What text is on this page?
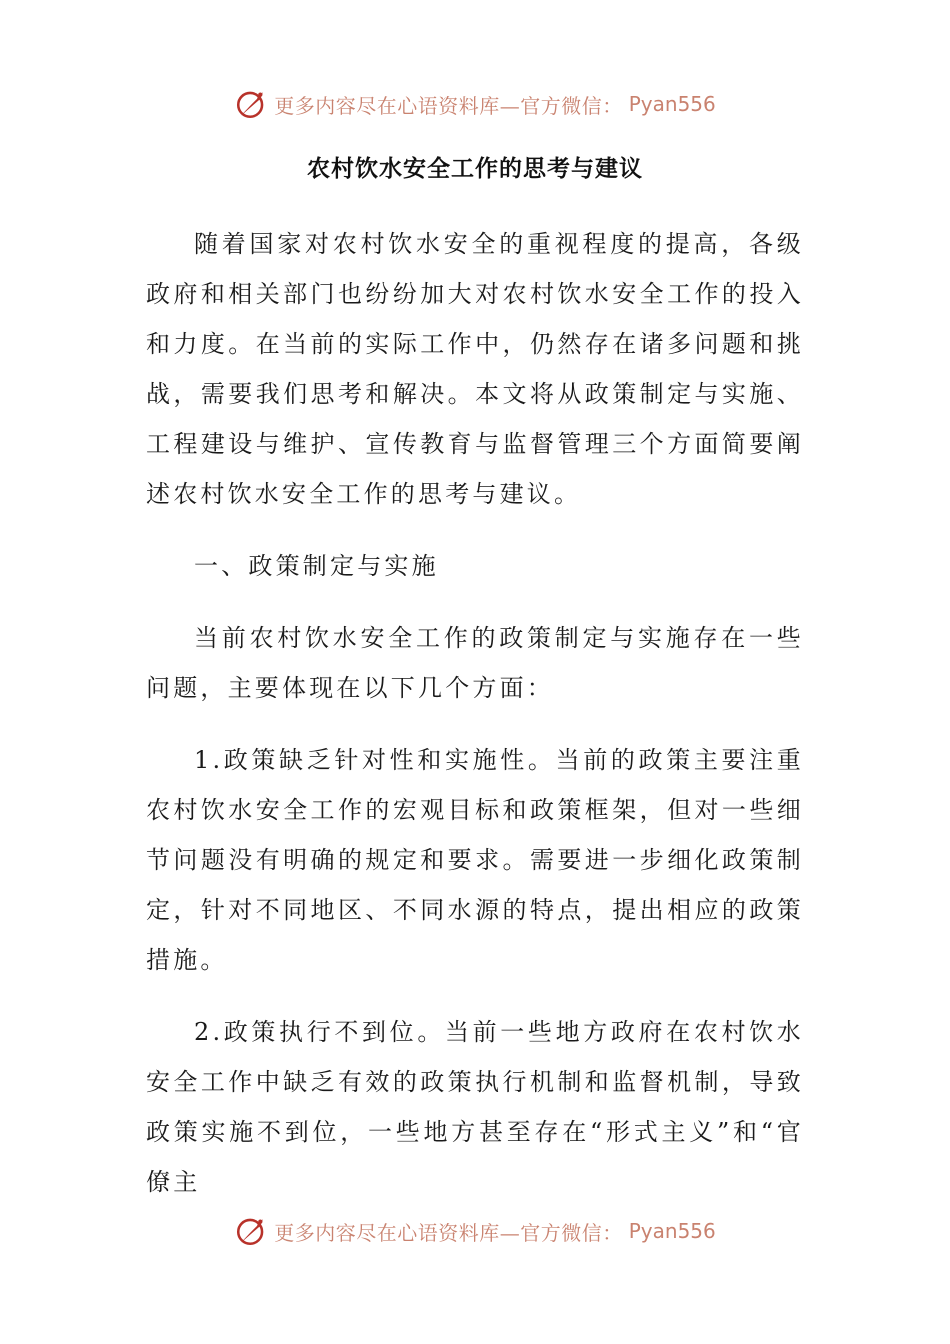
更多内容尽在心语资料库—官方微信： Pyan556
农村饮水安全工作的思考与建议

随着国家对农村饮水安全的重视程度的提高，各级政府和相关部门也纷纷加大对农村饮水安全工作的投入和力度。在当前的实际工作中，仍然存在诸多问题和挑战，需要我们思考和解决。本文将从政策制定与实施、工程建设与维护、宣传教育与监督管理三个方面简要阐述农村饮水安全工作的思考与建议。

一、政策制定与实施

当前农村饮水安全工作的政策制定与实施存在一些问题，主要体现在以下几个方面：

1.政策缺乏针对性和实施性。当前的政策主要注重农村饮水安全工作的宏观目标和政策框架，但对一些细节问题没有明确的规定和要求。需要进一步细化政策制定，针对不同地区、不同水源的特点，提出相应的政策措施。

2.政策执行不到位。当前一些地方政府在农村饮水安全工作中缺乏有效的政策执行机制和监督机制，导致政策实施不到位，一些地方甚至存在“形式主义”和“官僚主

更多内容尽在心语资料库—官方微信： Pyan556
